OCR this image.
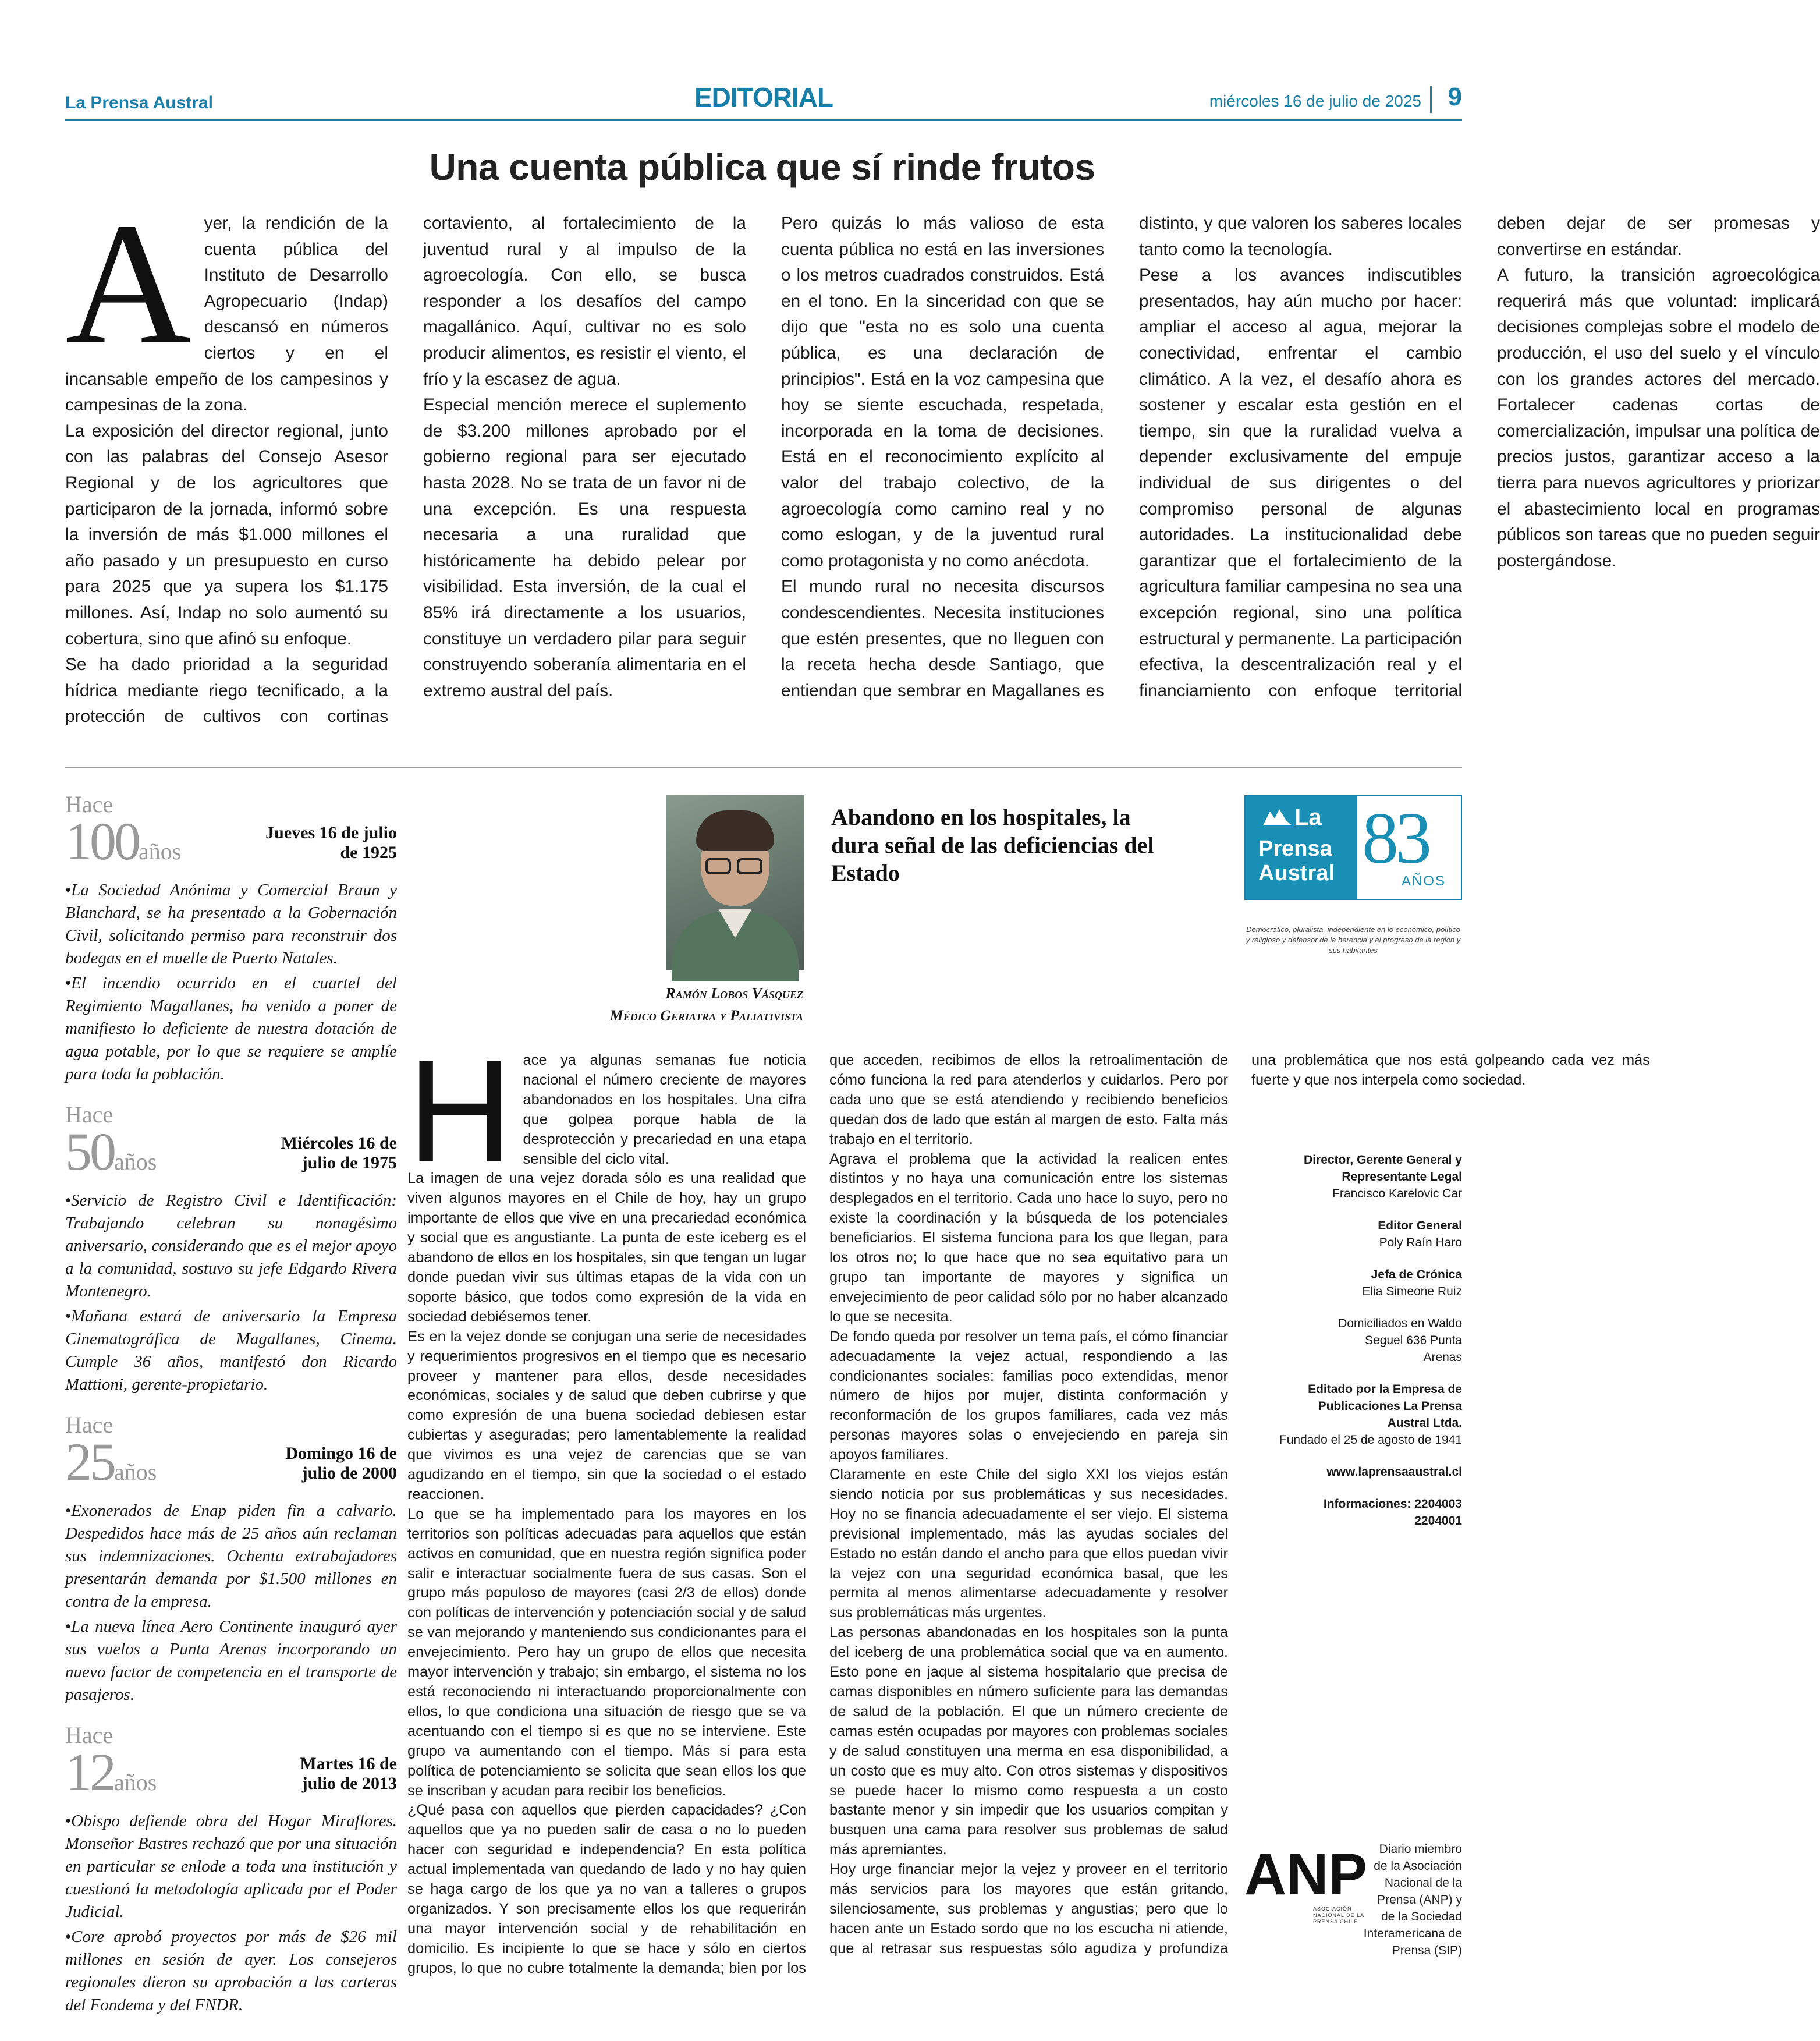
La Prensa Austral	EDITORIAL	miércoles 16 de julio de 2025 9
Una cuenta pública que sí rinde frutos

Ayer, la rendición de la cuenta pública del Instituto de Desarrollo Agropecuario (Indap) descansó en números ciertos y en el incansable empeño de los campesinos y campesinas de la zona.

La exposición del director regional, junto con las palabras del Consejo Asesor Regional y de los agricultores que participaron de la jornada, informó sobre la inversión de más $1.000 millones el año pasado y un presupuesto en curso para 2025 que ya supera los $1.175 millones. Así, Indap no solo aumentó su cobertura, sino que afinó su enfoque.

Se ha dado prioridad a la seguridad hídrica mediante riego tecnificado, a la protección de cultivos con cortinas cortaviento, al fortalecimiento de la juventud rural y al impulso de la agroecología. Con ello, se busca responder a los desafíos del campo magallánico. Aquí, cultivar no es solo producir alimentos, es resistir el viento, el frío y la escasez de agua.

Especial mención merece el suplemento de $3.200 millones aprobado por el gobierno regional para ser ejecutado hasta 2028. No se trata de un favor ni de una excepción. Es una respuesta necesaria a una ruralidad que históricamente ha debido pelear por visibilidad. Esta inversión, de la cual el 85% irá directamente a los usuarios, constituye un verdadero pilar para seguir construyendo soberanía alimentaria en el extremo austral del país.

Pero quizás lo más valioso de esta cuenta pública no está en las inversiones o los metros cuadrados construidos. Está en el tono. En la sinceridad con que se dijo que "esta no es solo una cuenta pública, es una declaración de principios". Está en la voz campesina que hoy se siente escuchada, respetada, incorporada en la toma de decisiones. Está en el reconocimiento explícito al valor del trabajo colectivo, de la agroecología como camino real y no como eslogan, y de la juventud rural como protagonista y no como anécdota.

El mundo rural no necesita discursos condescendientes. Necesita instituciones que estén presentes, que no lleguen con la receta hecha desde Santiago, que entiendan que sembrar en Magallanes es distinto, y que valoren los saberes locales tanto como la tecnología.

Pese a los avances indiscutibles presentados, hay aún mucho por hacer: ampliar el acceso al agua, mejorar la conectividad, enfrentar el cambio climático. A la vez, el desafío ahora es sostener y escalar esta gestión en el tiempo, sin que la ruralidad vuelva a depender exclusivamente del empuje individual de sus dirigentes o del compromiso personal de algunas autoridades. La institucionalidad debe garantizar que el fortalecimiento de la agricultura familiar campesina no sea una excepción regional, sino una política estructural y permanente. La participación efectiva, la descentralización real y el financiamiento con enfoque territorial deben dejar de ser promesas y convertirse en estándar.

A futuro, la transición agroecológica requerirá más que voluntad: implicará decisiones complejas sobre el modelo de producción, el uso del suelo y el vínculo con los grandes actores del mercado. Fortalecer cadenas cortas de comercialización, impulsar una política de precios justos, garantizar acceso a la tierra para nuevos agricultores y priorizar el abastecimiento local en programas públicos son tareas que no pueden seguir postergándose.

Hace
100años
Jueves 16 de julio de 1925

• La Sociedad Anónima y Comercial Braun y Blanchard, se ha presentado a la Gobernación Civil, solicitando permiso para reconstruir dos bodegas en el muelle de Puerto Natales.

• El incendio ocurrido en el cuartel del Regimiento Magallanes, ha venido a poner de manifiesto lo deficiente de nuestra dotación de agua potable, por lo que se requiere se amplíe para toda la población.

Hace
50años
Miércoles 16 de julio de 1975

• Servicio de Registro Civil e Identificación: Trabajando celebran su nonagésimo aniversario, considerando que es el mejor apoyo a la comunidad, sostuvo su jefe Edgardo Rivera Montenegro.

• Mañana estará de aniversario la Empresa Cinematográfica de Magallanes, Cinema. Cumple 36 años, manifestó don Ricardo Mattioni, gerente-propietario.

Hace
25años
Domingo 16 de julio de 2000

• Exonerados de Enap piden fin a calvario. Despedidos hace más de 25 años aún reclaman sus indemnizaciones. Ochenta extrabajadores presentarán demanda por $1.500 millones en contra de la empresa.

• La nueva línea Aero Continente inauguró ayer sus vuelos a Punta Arenas incorporando un nuevo factor de competencia en el transporte de pasajeros.

Hace
12años
Martes 16 de julio de 2013

• Obispo defiende obra del Hogar Miraflores. Monseñor Bastres rechazó que por una situación en particular se enlode a toda una institución y cuestionó la metodología aplicada por el Poder Judicial.

• Core aprobó proyectos por más de $26 mil millones en sesión de ayer. Los consejeros regionales dieron su aprobación a las carteras del Fondema y del FNDR.

Ramón Lobos Vásquez
Médico Geriatra y Paliativista
Abandono en los hospitales, la dura señal de las deficiencias del Estado

Hace ya algunas semanas fue noticia nacional el número creciente de mayores abandonados en los hospitales. Una cifra que golpea porque habla de la desprotección y precariedad en una etapa sensible del ciclo vital.

La imagen de una vejez dorada sólo es una realidad que viven algunos mayores en el Chile de hoy, hay un grupo importante de ellos que vive en una precariedad económica y social que es angustiante. La punta de este iceberg es el abandono de ellos en los hospitales, sin que tengan un lugar donde puedan vivir sus últimas etapas de la vida con un soporte básico, que todos como expresión de la vida en sociedad debiésemos tener.

Es en la vejez donde se conjugan una serie de necesidades y requerimientos progresivos en el tiempo que es necesario proveer y mantener para ellos, desde necesidades económicas, sociales y de salud que deben cubrirse y que como expresión de una buena sociedad debiesen estar cubiertas y aseguradas; pero lamentablemente la realidad que vivimos es una vejez de carencias que se van agudizando en el tiempo, sin que la sociedad o el estado reaccionen.

Lo que se ha implementado para los mayores en los territorios son políticas adecuadas para aquellos que están activos en comunidad, que en nuestra región significa poder salir e interactuar socialmente fuera de sus casas. Son el grupo más populoso de mayores (casi 2/3 de ellos) donde con políticas de intervención y potenciación social y de salud se van mejorando y manteniendo sus condicionantes para el envejecimiento. Pero hay un grupo de ellos que necesita mayor intervención y trabajo; sin embargo, el sistema no los está reconociendo ni interactuando proporcionalmente con ellos, lo que condiciona una situación de riesgo que se va acentuando con el tiempo si es que no se interviene. Este grupo va aumentando con el tiempo. Más si para esta política de potenciamiento se solicita que sean ellos los que se inscriban y acudan para recibir los beneficios.

¿Qué pasa con aquellos que pierden capacidades? ¿Con aquellos que ya no pueden salir de casa o no lo pueden hacer con seguridad e independencia? En esta política actual implementada van quedando de lado y no hay quien se haga cargo de los que ya no van a talleres o grupos organizados. Y son precisamente ellos los que requerirán una mayor intervención social y de rehabilitación en domicilio. Es incipiente lo que se hace y sólo en ciertos grupos, lo que no cubre totalmente la demanda; bien por los que acceden, recibimos de ellos la retroalimentación de cómo funciona la red para atenderlos y cuidarlos. Pero por cada uno que se está atendiendo y recibiendo beneficios quedan dos de lado que están al margen de esto. Falta más trabajo en el territorio.

Agrava el problema que la actividad la realicen entes distintos y no haya una comunicación entre los sistemas desplegados en el territorio. Cada uno hace lo suyo, pero no existe la coordinación y la búsqueda de los potenciales beneficiarios. El sistema funciona para los que llegan, para los otros no; lo que hace que no sea equitativo para un grupo tan importante de mayores y significa un envejecimiento de peor calidad sólo por no haber alcanzado lo que se necesita.

De fondo queda por resolver un tema país, el cómo financiar adecuadamente la vejez actual, respondiendo a las condicionantes sociales: familias poco extendidas, menor número de hijos por mujer, distinta conformación y reconformación de los grupos familiares, cada vez más personas mayores solas o envejeciendo en pareja sin apoyos familiares.

Claramente en este Chile del siglo XXI los viejos están siendo noticia por sus problemáticas y sus necesidades. Hoy no se financia adecuadamente el ser viejo. El sistema previsional implementado, más las ayudas sociales del Estado no están dando el ancho para que ellos puedan vivir la vejez con una seguridad económica basal, que les permita al menos alimentarse adecuadamente y resolver sus problemáticas más urgentes.

Las personas abandonadas en los hospitales son la punta del iceberg de una problemática social que va en aumento. Esto pone en jaque al sistema hospitalario que precisa de camas disponibles en número suficiente para las demandas de salud de la población. El que un número creciente de camas estén ocupadas por mayores con problemas sociales y de salud constituyen una merma en esa disponibilidad, a un costo que es muy alto. Con otros sistemas y dispositivos se puede hacer lo mismo como respuesta a un costo bastante menor y sin impedir que los usuarios compitan y busquen una cama para resolver sus problemas de salud más apremiantes.

Hoy urge financiar mejor la vejez y proveer en el territorio más servicios para los mayores que están gritando, silenciosamente, sus problemas y angustias; pero que lo hacen ante un Estado sordo que no los escucha ni atiende, que al retrasar sus respuestas sólo agudiza y profundiza una problemática que nos está golpeando cada vez más fuerte y que nos interpela como sociedad.

La
Prensa
Austral 83
AÑOS
Democrático, pluralista, independiente en lo económico, político y religioso y defensor de la herencia y el progreso de la región y sus habitantes
Director, Gerente General y Representante Legal
Francisco Karelovic Car
Editor General
Poly Raín Haro
Jefa de Crónica
Elia Simeone Ruiz
Domiciliados en Waldo Seguel 636 Punta Arenas
Editado por la Empresa de Publicaciones La Prensa Austral Ltda.
Fundado el 25 de agosto de 1941
www.laprensaaustral.cl
Informaciones: 2204003 2204001
ANP
ASOCIACIÓN NACIONAL DE LA PRENSA CHILE
Diario miembro de la Asociación Nacional de la Prensa (ANP) y de la Sociedad Interamericana de Prensa (SIP)
